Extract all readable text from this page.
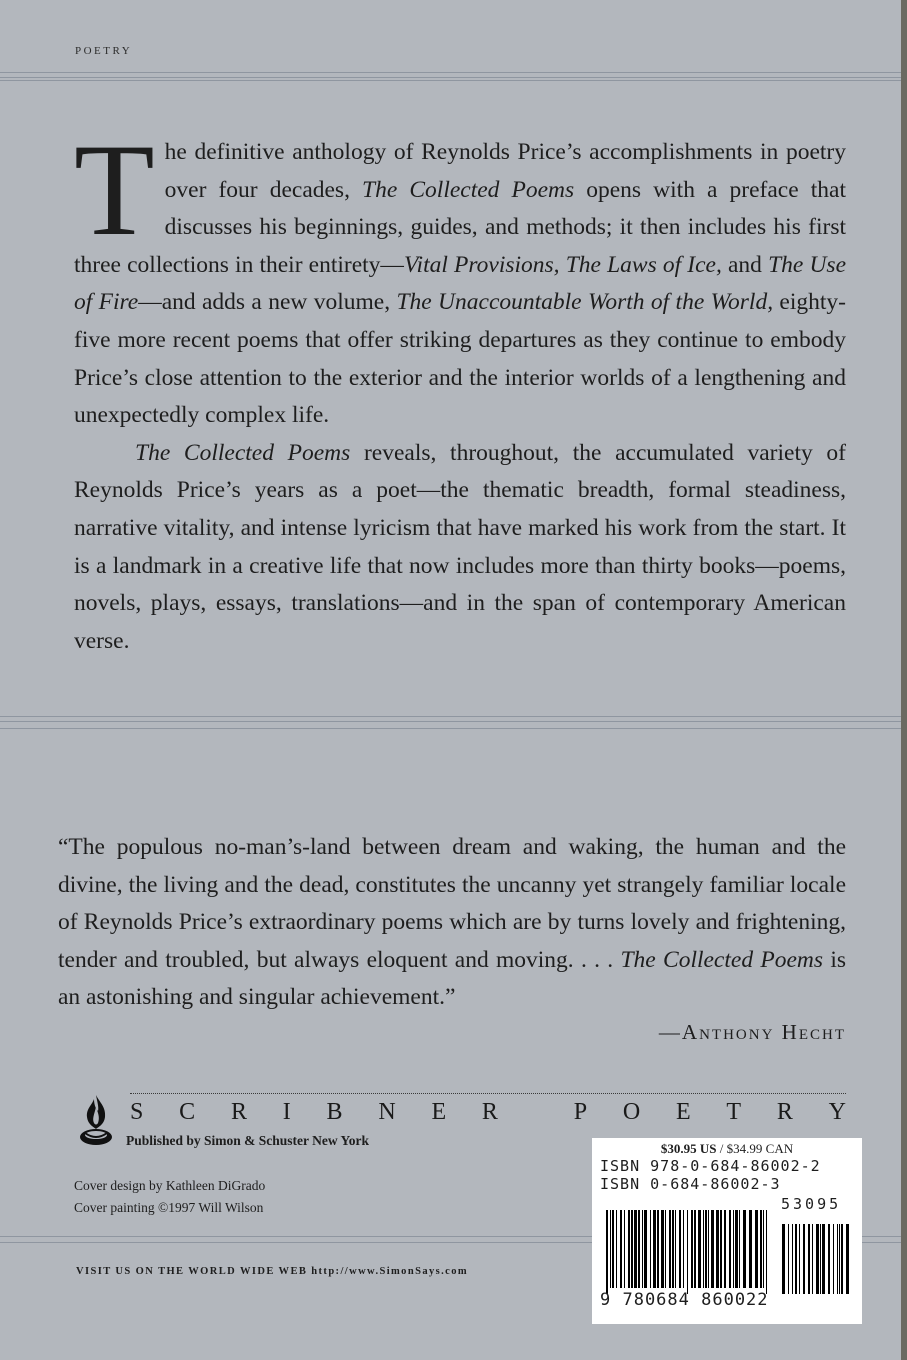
POETRY

The definitive anthology of Reynolds Price’s accomplishments in poetry over four decades, The Collected Poems opens with a preface that discusses his beginnings, guides, and methods; it then includes his first three collections in their entirety—Vital Provisions, The Laws of Ice, and The Use of Fire—and adds a new volume, The Unaccountable Worth of the World, eighty-five more recent poems that offer striking departures as they continue to embody Price’s close attention to the exterior and the interior worlds of a lengthening and unexpectedly complex life.

The Collected Poems reveals, throughout, the accumulated variety of Reynolds Price’s years as a poet—the thematic breadth, formal steadiness, narrative vitality, and intense lyricism that have marked his work from the start. It is a landmark in a creative life that now includes more than thirty books—poems, novels, plays, essays, translations—and in the span of contemporary American verse.

“The populous no-man’s-land between dream and waking, the human and the divine, the living and the dead, constitutes the uncanny yet strangely familiar locale of Reynolds Price’s extraordinary poems which are by turns lovely and frightening, tender and troubled, but always eloquent and moving. . . . The Collected Poems is an astonishing and singular achievement.”

—Anthony Hecht
S C R I B N E R	P O E T R Y
Published by Simon & Schuster New York
Cover design by Kathleen DiGrado
Cover painting ©1997 Will Wilson
VISIT US ON THE WORLD WIDE WEB http://www.SimonSays.com
$30.95 US / $34.99 CAN
ISBN 978-0-684-86002-2
ISBN 0-684-86002-3
53095
9 780684 860022
